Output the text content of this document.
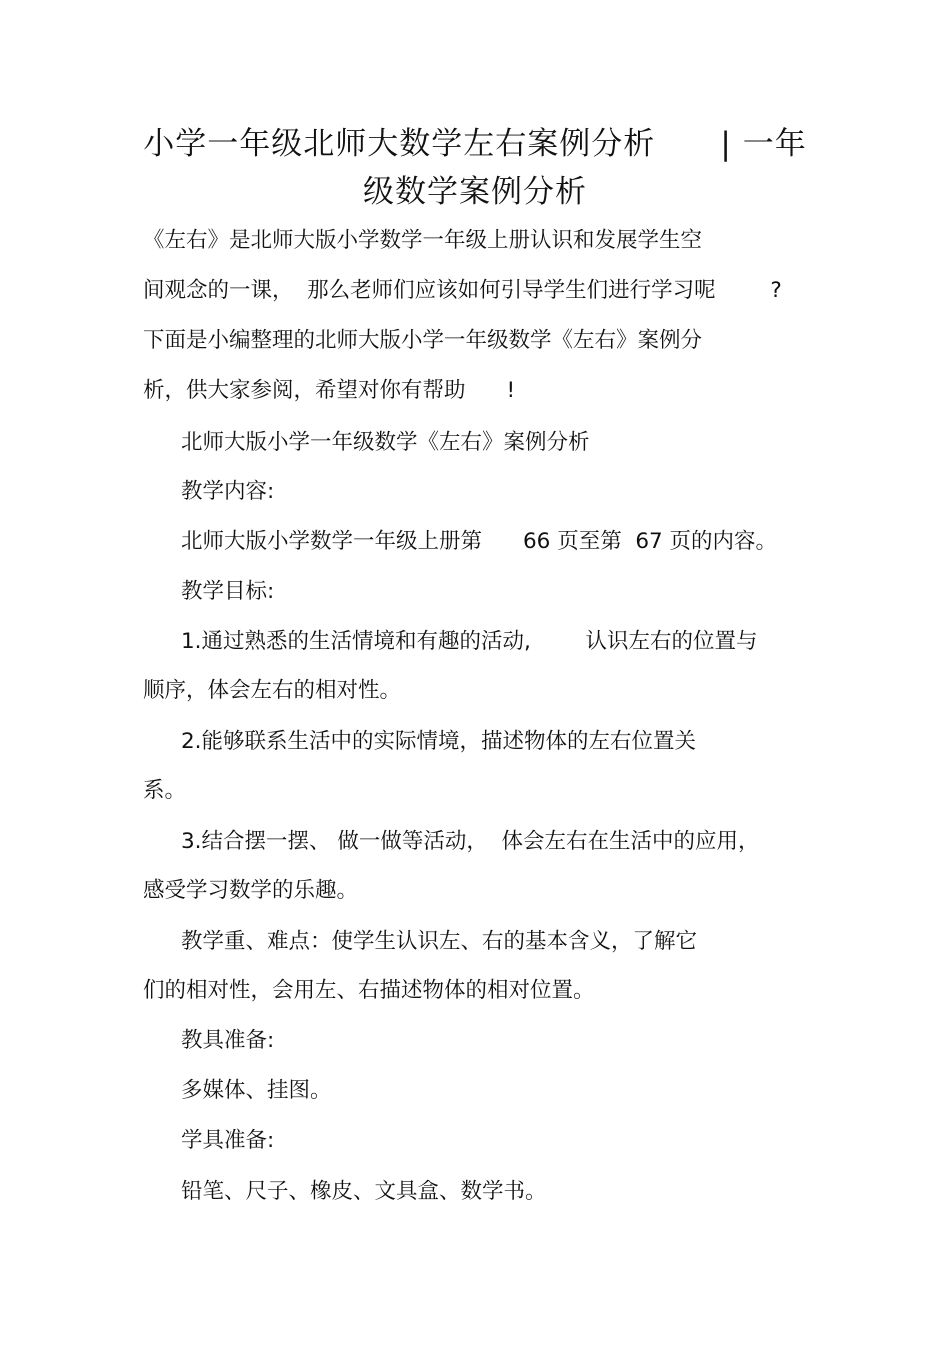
小学一年级北师大数学左右案例分析      | 一年
级数学案例分析
《左右》是北师大版小学数学一年级上册认识和发展学生空
间观念的一课，  那么老师们应该如何引导学生们进行学习呢        ?
下面是小编整理的北师大版小学一年级数学《左右》案例分
析，供大家参阅，希望对你有帮助      !
北师大版小学一年级数学《左右》案例分析
教学内容:
北师大版小学数学一年级上册第      66 页至第  67 页的内容。
教学目标:
1.通过熟悉的生活情境和有趣的活动,        认识左右的位置与
顺序，体会左右的相对性。
2.能够联系生活中的实际情境，描述物体的左右位置关
系。
3.结合摆一摆、 做一做等活动，  体会左右在生活中的应用，
感受学习数学的乐趣。
教学重、难点：使学生认识左、右的基本含义，了解它
们的相对性，会用左、右描述物体的相对位置。
教具准备:
多媒体、挂图。
学具准备:
铅笔、尺子、橡皮、文具盒、数学书。
